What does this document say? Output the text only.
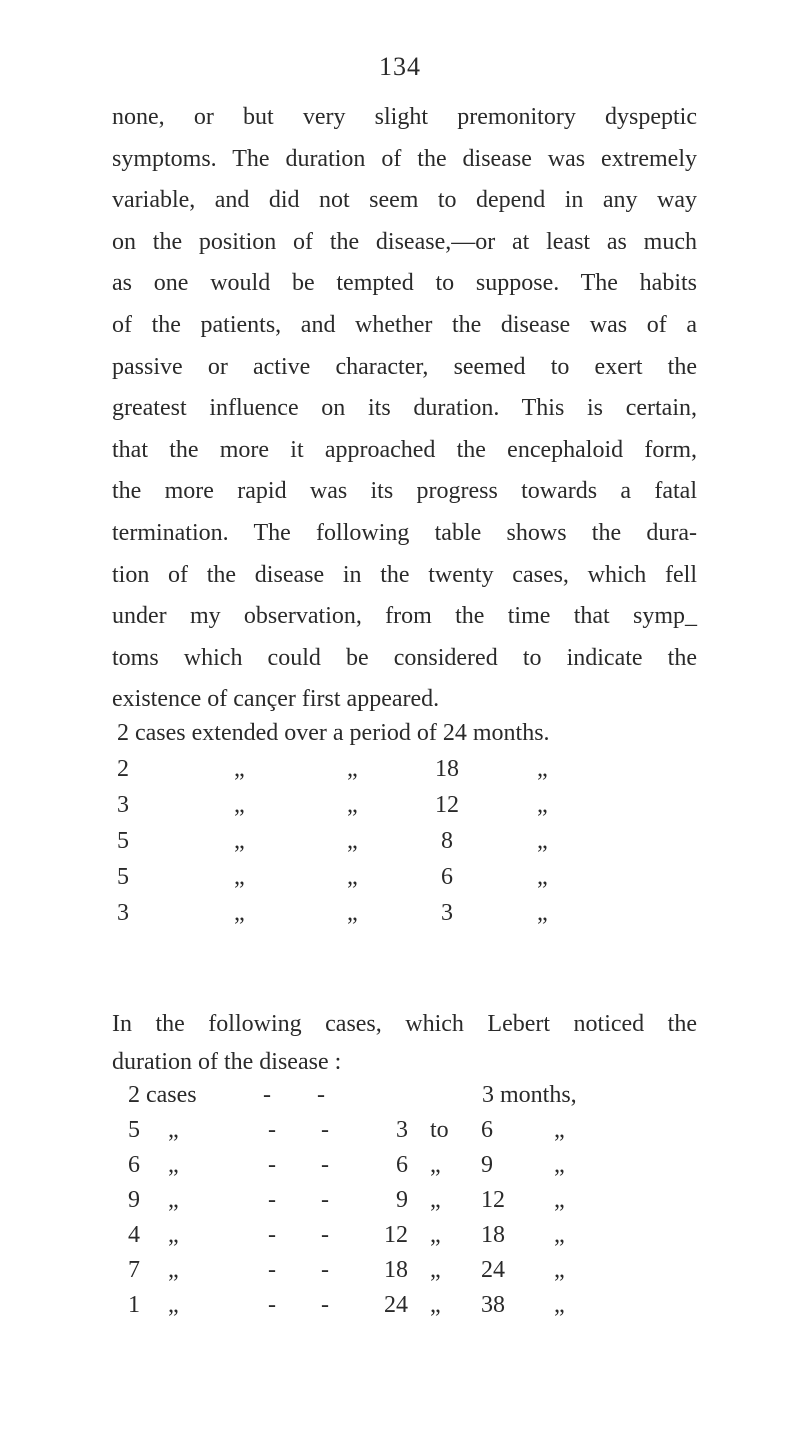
134
none, or but very slight premonitory dyspeptic
symptoms. The duration of the disease was extremely
variable, and did not seem to depend in any way
on the position of the disease,—or at least as much
as one would be tempted to suppose. The habits
of the patients, and whether the disease was of a
passive or active character, seemed to exert the
greatest influence on its duration. This is certain,
that the more it approached the encephaloid form,
the more rapid was its progress towards a fatal
termination. The following table shows the dura-
tion of the disease in the twenty cases, which fell
under my observation, from the time that symp_
toms which could be considered to indicate the
existence of cançer first appeared.
2 cases extended over a period of 24 months.
2	„	„	18	„
3	„	„	12	„
5	„	„	8	„
5	„	„	6	„
3	„	„	3	„
In the following cases, which Lebert noticed the
duration of the disease :
2 cases	- -	3 months,
5 „	- -	3 to 6	„
6 „	- -	6 „ 9	„
9 „	- -	9 „ 12 „
4 „	- -	12 „ 18 „
7 „	- -	18 „ 24 „
1 „	- -	24 „ 38 „
